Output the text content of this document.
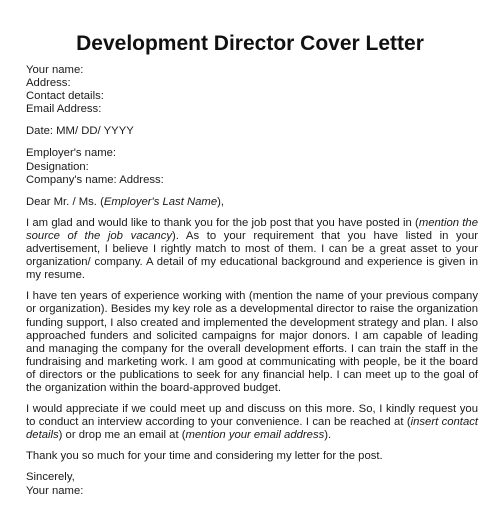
Development Director Cover Letter
Your name:
Address:
Contact details:
Email Address:
Date: MM/ DD/ YYYY
Employer's name:
Designation:
Company's name: Address:
Dear Mr. / Ms. (Employer's Last Name),

I am glad and would like to thank you for the job post that you have posted in (mention the source of the job vacancy). As to your requirement that you have listed in your advertisement, I believe I rightly match to most of them. I can be a great asset to your organization/ company. A detail of my educational background and experience is given in my resume.

I have ten years of experience working with (mention the name of your previous company or organization). Besides my key role as a developmental director to raise the organization funding support, I also created and implemented the development strategy and plan. I also approached funders and solicited campaigns for major donors. I am capable of leading and managing the company for the overall development efforts. I can train the staff in the fundraising and marketing work. I am good at communicating with people, be it the board of directors or the publications to seek for any financial help. I can meet up to the goal of the organization within the board-approved budget.

I would appreciate if we could meet up and discuss on this more. So, I kindly request you to conduct an interview according to your convenience. I can be reached at (insert contact details) or drop me an email at (mention your email address).

Thank you so much for your time and considering my letter for the post.

Sincerely,
Your name:
